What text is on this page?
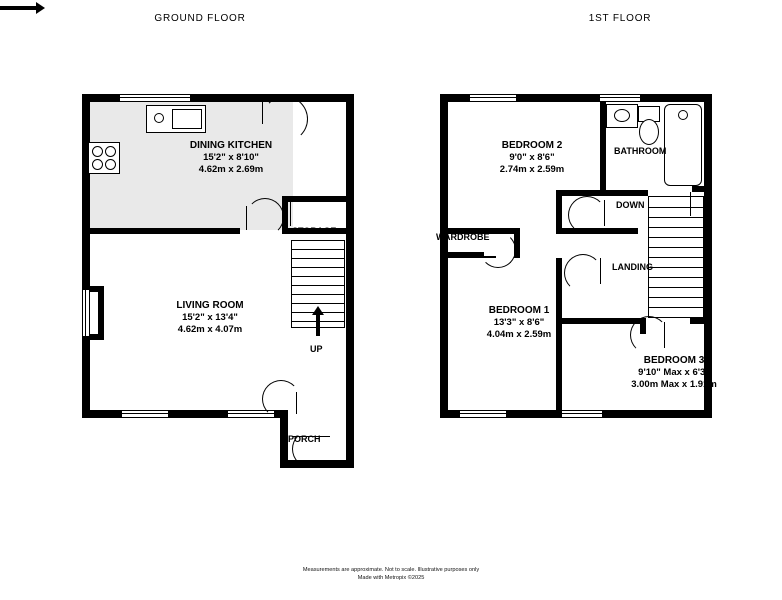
GROUND FLOOR	1ST FLOOR
UP
DINING KITCHEN
15'2" x 8'10"
4.62m x 2.69m
LIVING ROOM
15'2" x 13'4"
4.62m x 4.07m
STORAGE
PORCH
DOWN
BEDROOM 2
9'0" x 8'6"
2.74m x 2.59m
BEDROOM 1
13'3" x 8'6"
4.04m x 2.59m
BEDROOM 3
9'10" Max x 6'3"
3.00m Max x 1.91m
BATHROOM
WARDROBE
LANDING
Measurements are approximate. Not to scale. Illustrative purposes only
Made with Metropix ©2025
